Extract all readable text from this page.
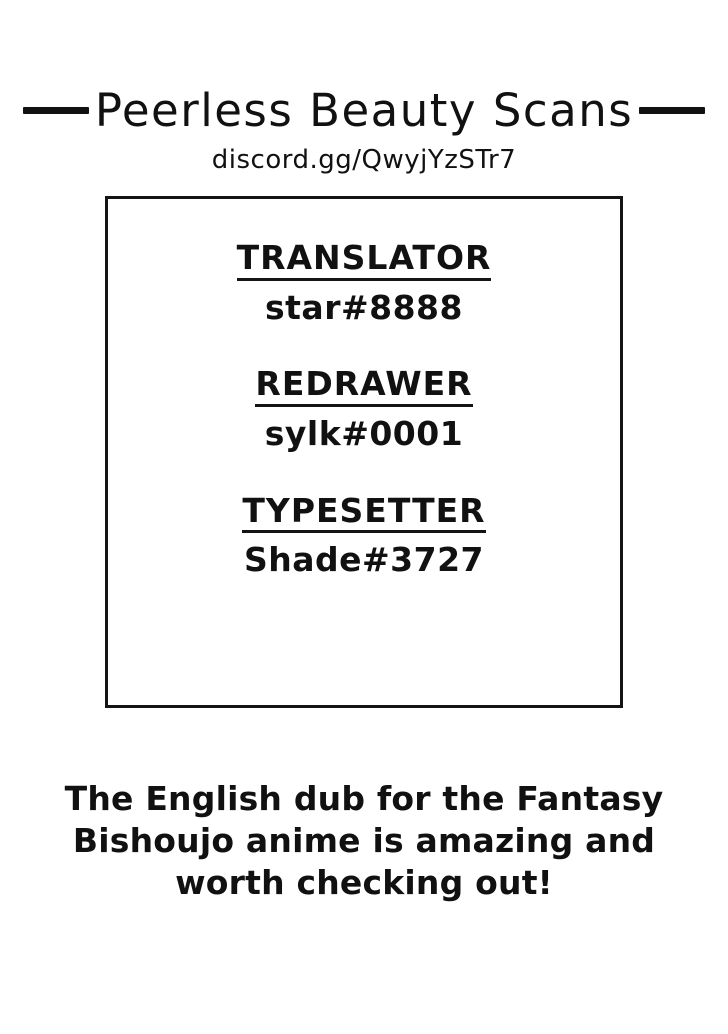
Peerless Beauty Scans
discord.gg/QwyjYzSTr7
TRANSLATOR
star#8888
REDRAWER
sylk#0001
TYPESETTER
Shade#3727
The English dub for the Fantasy
Bishoujo anime is amazing and
worth checking out!
